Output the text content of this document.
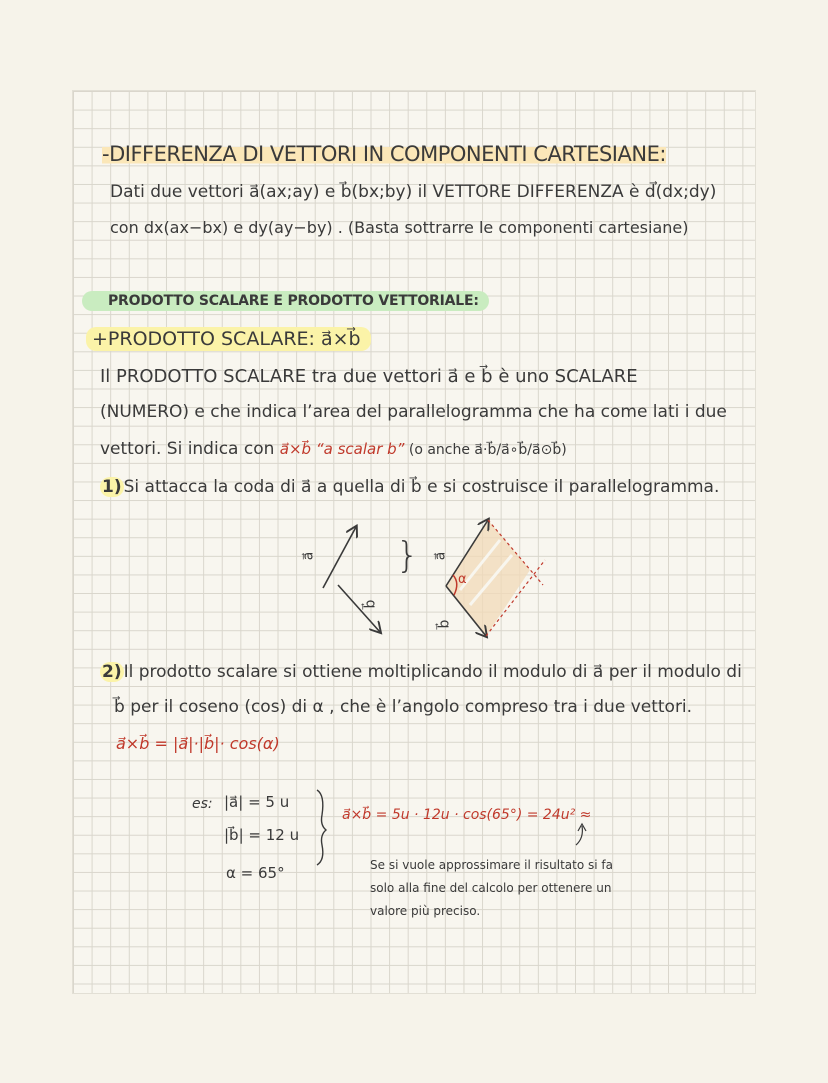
-DIFFERENZA DI VETTORI IN COMPONENTI CARTESIANE:
Dati due vettori a⃗(ax;ay) e b⃗(bx;by) il VETTORE DIFFERENZA è d⃗(dx;dy)
con dx(ax−bx) e dy(ay−by) . (Basta sottrarre le componenti cartesiane)
PRODOTTO SCALARE E PRODOTTO VETTORIALE:
+PRODOTTO SCALARE: a⃗×b⃗
Il PRODOTTO SCALARE tra due vettori a⃗ e b⃗ è uno SCALARE
(NUMERO) e che indica l’area del parallelogramma che ha come lati i due
vettori. Si indica con a⃗×b⃗ “a scalar b” (o anche a⃗·b⃗/a⃗∘b⃗/a⃗⊙b⃗)
1) Si attacca la coda di a⃗ a quella di b⃗ e si costruisce il parallelogramma.
a⃗
b⃗
} a⃗
b⃗
α
2) Il prodotto scalare si ottiene moltiplicando il modulo di a⃗ per il modulo di
b⃗ per il coseno (cos) di α , che è l’angolo compreso tra i due vettori.
a⃗×b⃗ = |a⃗|·|b⃗|· cos(α)
es: |a⃗| = 5 u
|b⃗| = 12 u
α = 65°
a⃗×b⃗ = 5u · 12u · cos(65°) = 24u² ≈
Se si vuole approssimare il risultato si fa
solo alla fine del calcolo per ottenere un
valore più preciso.
